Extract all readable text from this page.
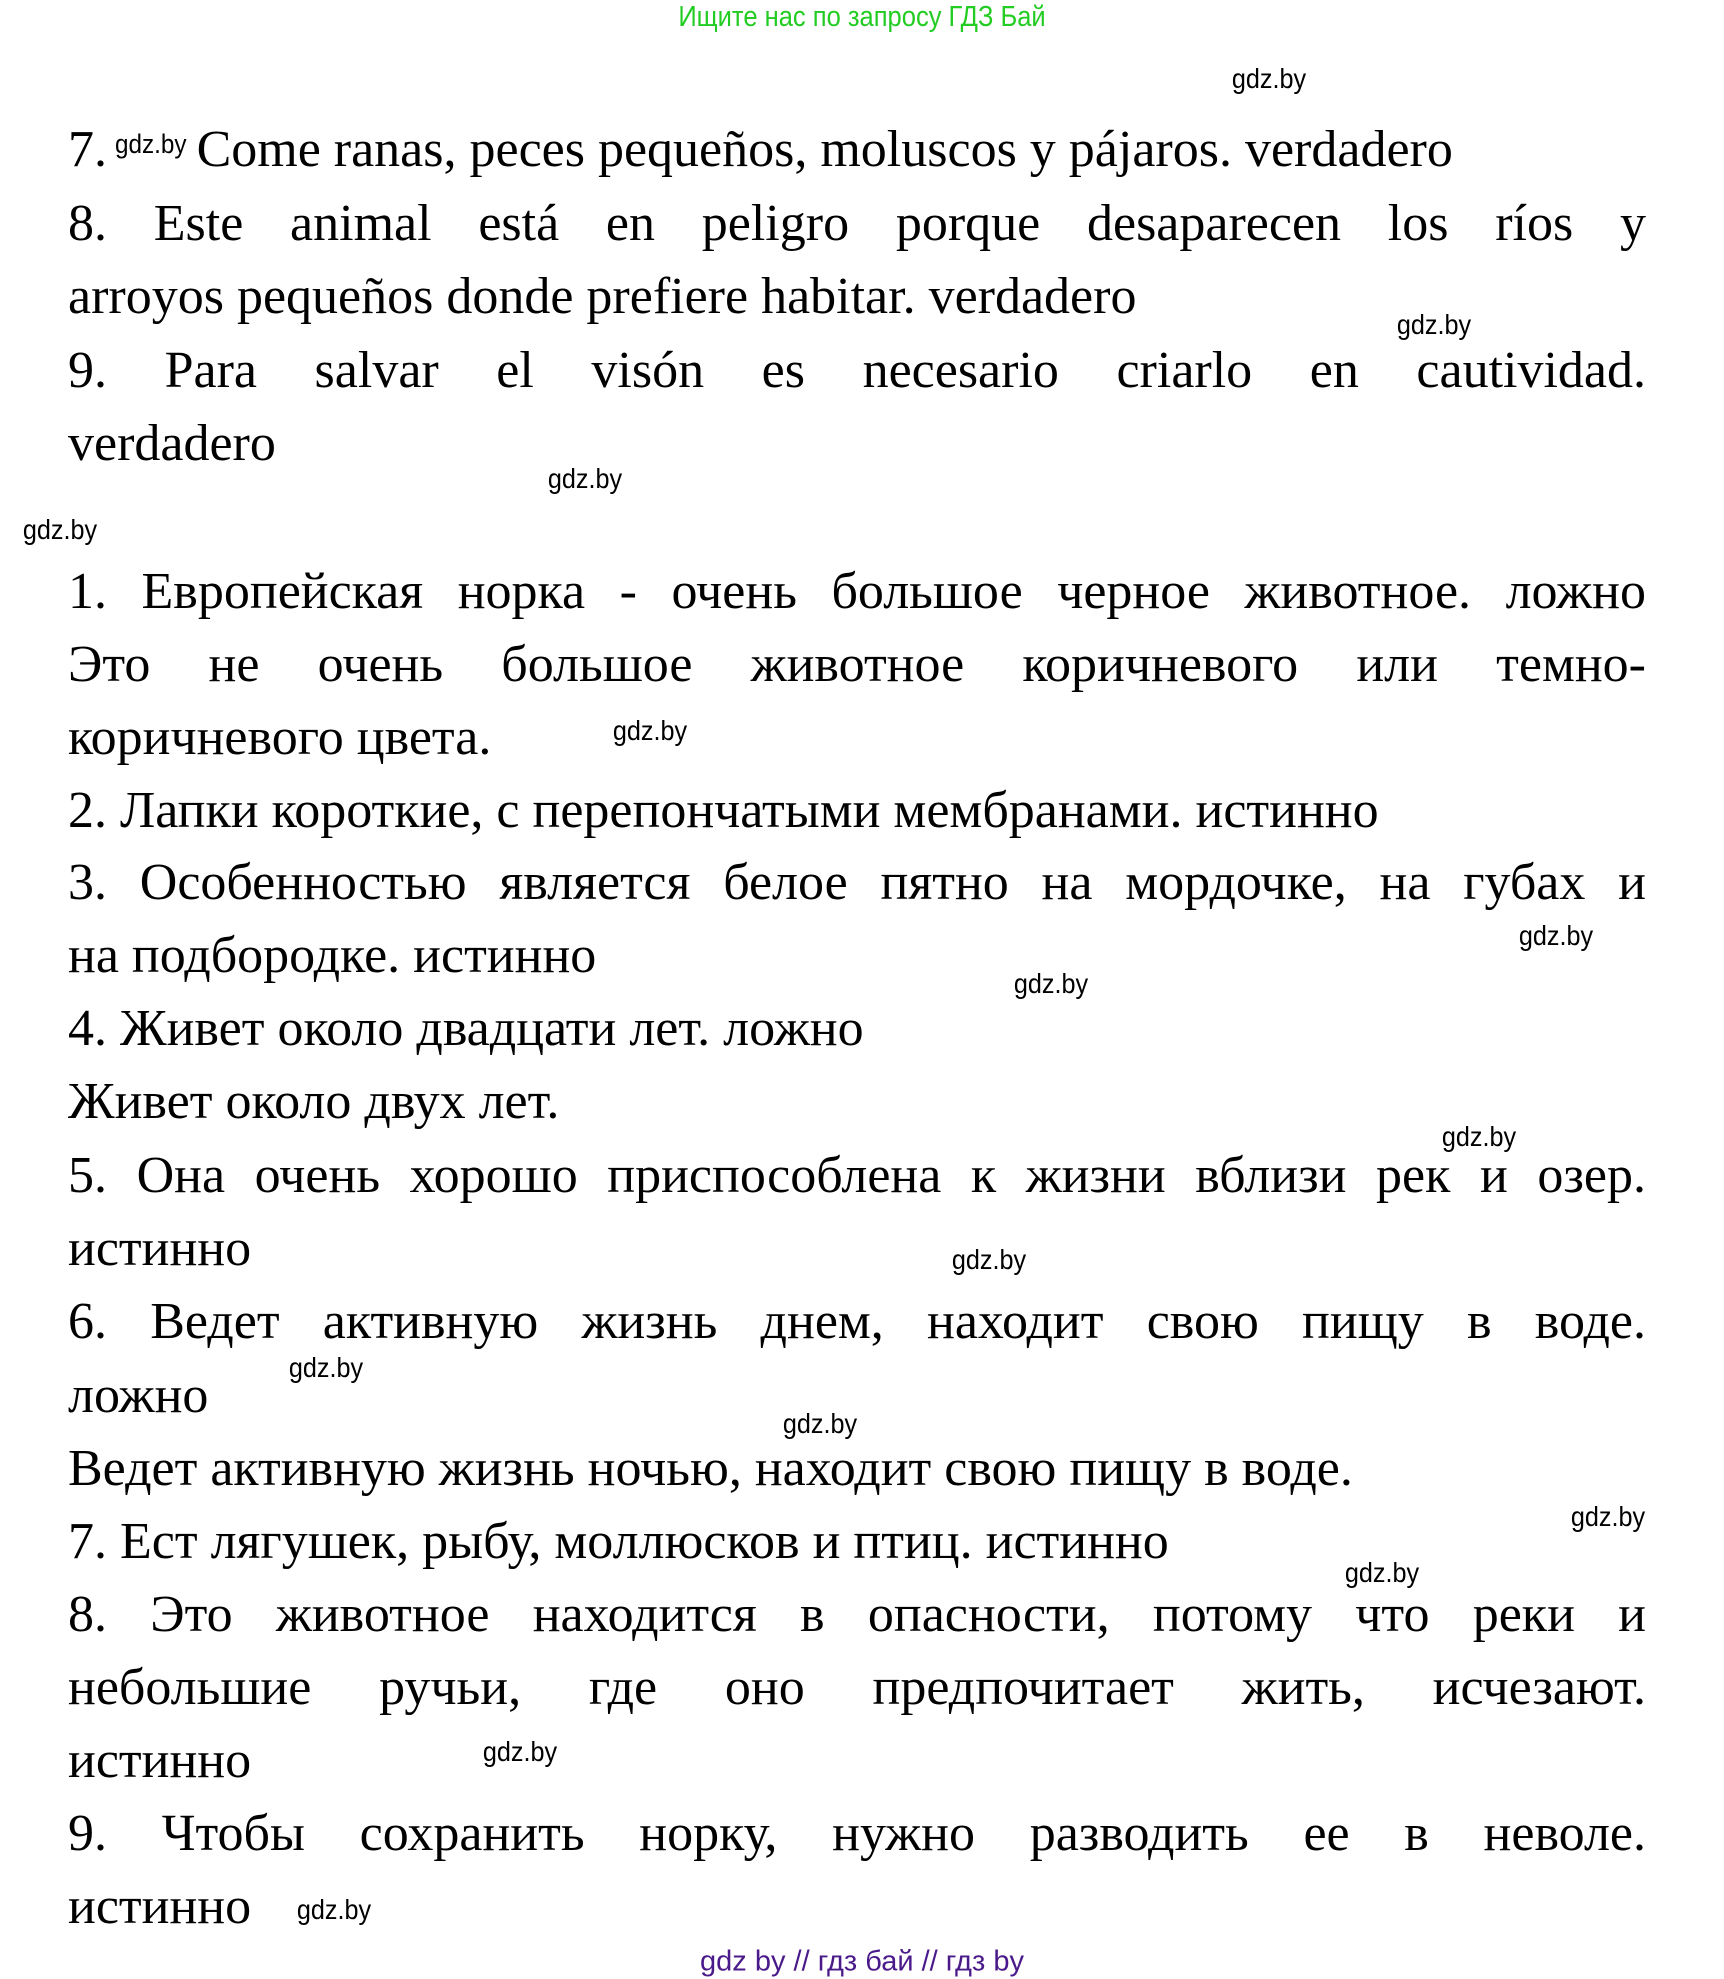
Ищите нас по запросу ГДЗ Бай
7. gdz.by Come ranas, peces pequeños, moluscos y pájaros. verdadero
8. Este animal está en peligro porque desaparecen los ríos y
arroyos pequeños donde prefiere habitar. verdadero
9. Para salvar el visón es necesario criarlo en cautividad.
verdadero
1. Европейская норка - очень большое черное животное. ложно
Это не очень большое животное коричневого или темно-
коричневого цвета.
2. Лапки короткие, с перепончатыми мембранами. истинно
3. Особенностью является белое пятно на мордочке, на губах и
на подбородке. истинно
4. Живет около двадцати лет. ложно
Живет около двух лет.
5. Она очень хорошо приспособлена к жизни вблизи рек и озер.
истинно
6. Ведет активную жизнь днем, находит свою пищу в воде.
ложно
Ведет активную жизнь ночью, находит свою пищу в воде.
7. Ест лягушек, рыбу, моллюсков и птиц. истинно
8. Это животное находится в опасности, потому что реки и
небольшие ручьи, где оно предпочитает жить, исчезают.
истинно
9. Чтобы сохранить норку, нужно разводить ее в неволе.
истинно
gdz.by
gdz.by
gdz.by
gdz.by
gdz.by
gdz.by
gdz.by
gdz.by
gdz.by
gdz.by
gdz.by
gdz.by
gdz.by
gdz.by
gdz.by
gdz by // гдз бай // гдз by
